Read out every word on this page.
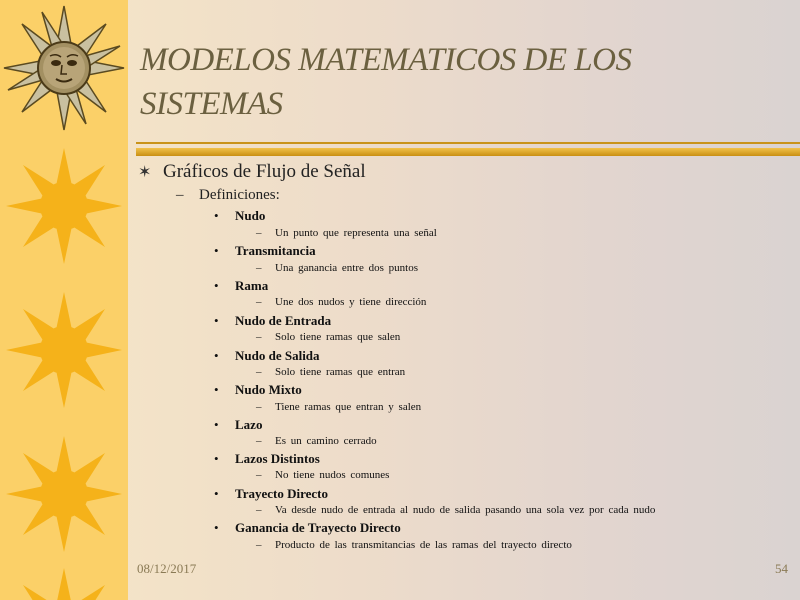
MODELOS MATEMATICOS DE LOS SISTEMAS
✶ Gráficos de Flujo de Señal
– Definiciones:
• Nudo
– Un punto que representa una señal
• Transmitancia
– Una ganancia entre dos puntos
• Rama
– Une dos nudos y tiene dirección
• Nudo de Entrada
– Solo tiene ramas que salen
• Nudo de Salida
– Solo tiene ramas que entran
• Nudo Mixto
– Tiene ramas que entran y salen
• Lazo
– Es un camino cerrado
• Lazos Distintos
– No tiene nudos comunes
• Trayecto Directo
– Va desde nudo de entrada al nudo de salida pasando una sola vez por cada nudo
• Ganancia de Trayecto Directo
– Producto de las transmitancias de las ramas del trayecto directo
08/12/2017	54
